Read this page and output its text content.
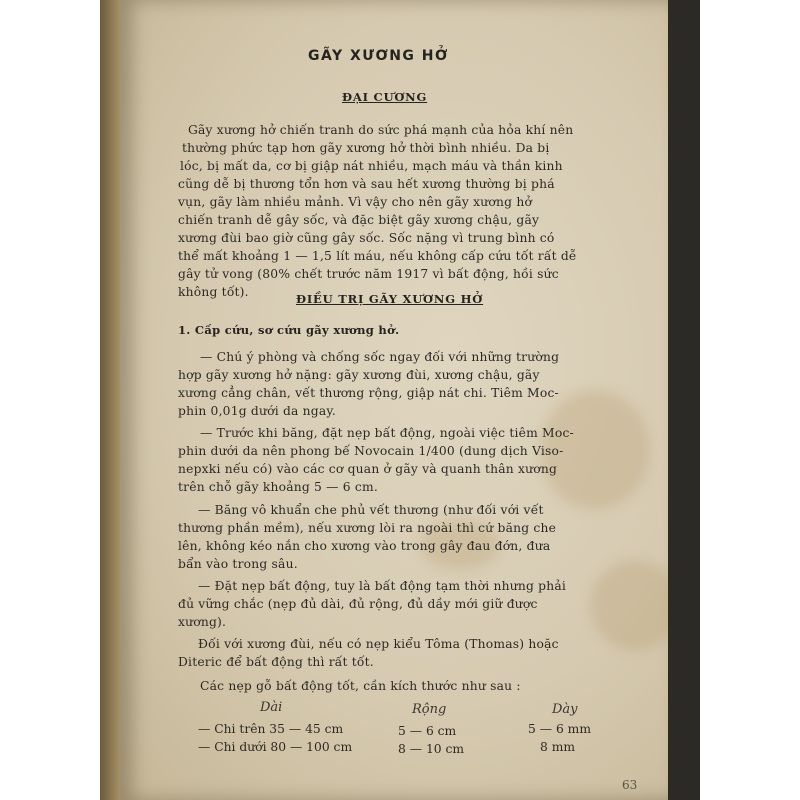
GÃY XƯƠNG HỞ
ĐẠI CƯƠNG
Gãy xương hở chiến tranh do sức phá mạnh của hỏa khí nên
thường phức tạp hơn gãy xương hở thời bình nhiều. Da bị
lóc, bị mất da, cơ bị giập nát nhiều, mạch máu và thần kinh
cũng dễ bị thương tổn hơn và sau hết xương thường bị phá
vụn, gãy làm nhiều mảnh. Vì vậy cho nên gãy xương hở
chiến tranh dễ gây sốc, và đặc biệt gãy xương chậu, gãy
xương đùi bao giờ cũng gây sốc. Sốc nặng vì trung bình có
thể mất khoảng 1 — 1,5 lít máu, nếu không cấp cứu tốt rất dễ
gây tử vong (80% chết trước năm 1917 vì bất động, hồi sức
không tốt).	ĐIỀU TRỊ GÃY XƯƠNG HỞ
1. Cấp cứu, sơ cứu gãy xương hở.
— Chú ý phòng và chống sốc ngay đối với những trường
hợp gãy xương hở nặng: gãy xương đùi, xương chậu, gãy
xương cẳng chân, vết thương rộng, giập nát chi. Tiêm Moc-
phin 0,01g dưới da ngay.
— Trước khi băng, đặt nẹp bất động, ngoài việc tiêm Moc-
phin dưới da nên phong bế Novocain 1/400 (dung dịch Viso-
nepxki nếu có) vào các cơ quan ở gãy và quanh thân xương
trên chỗ gãy khoảng 5 — 6 cm.
— Băng vô khuẩn che phủ vết thương (như đối với vết
thương phần mềm), nếu xương lòi ra ngoài thì cứ băng che
lên, không kéo nắn cho xương vào trong gây đau đớn, đưa
bẩn vào trong sâu.
— Đặt nẹp bất động, tuy là bất động tạm thời nhưng phải
đủ vững chắc (nẹp đủ dài, đủ rộng, đủ dầy mới giữ được
xương).
Đối với xương đùi, nếu có nẹp kiểu Tôma (Thomas) hoặc
Diteric để bất động thì rất tốt.
Các nẹp gỗ bất động tốt, cần kích thước như sau :
Dài	Rộng	Dày
— Chi trên 35 — 45 cm	5 — 6 cm	5 — 6 mm
— Chi dưới 80 — 100 cm	8 — 10 cm	8 mm
63
